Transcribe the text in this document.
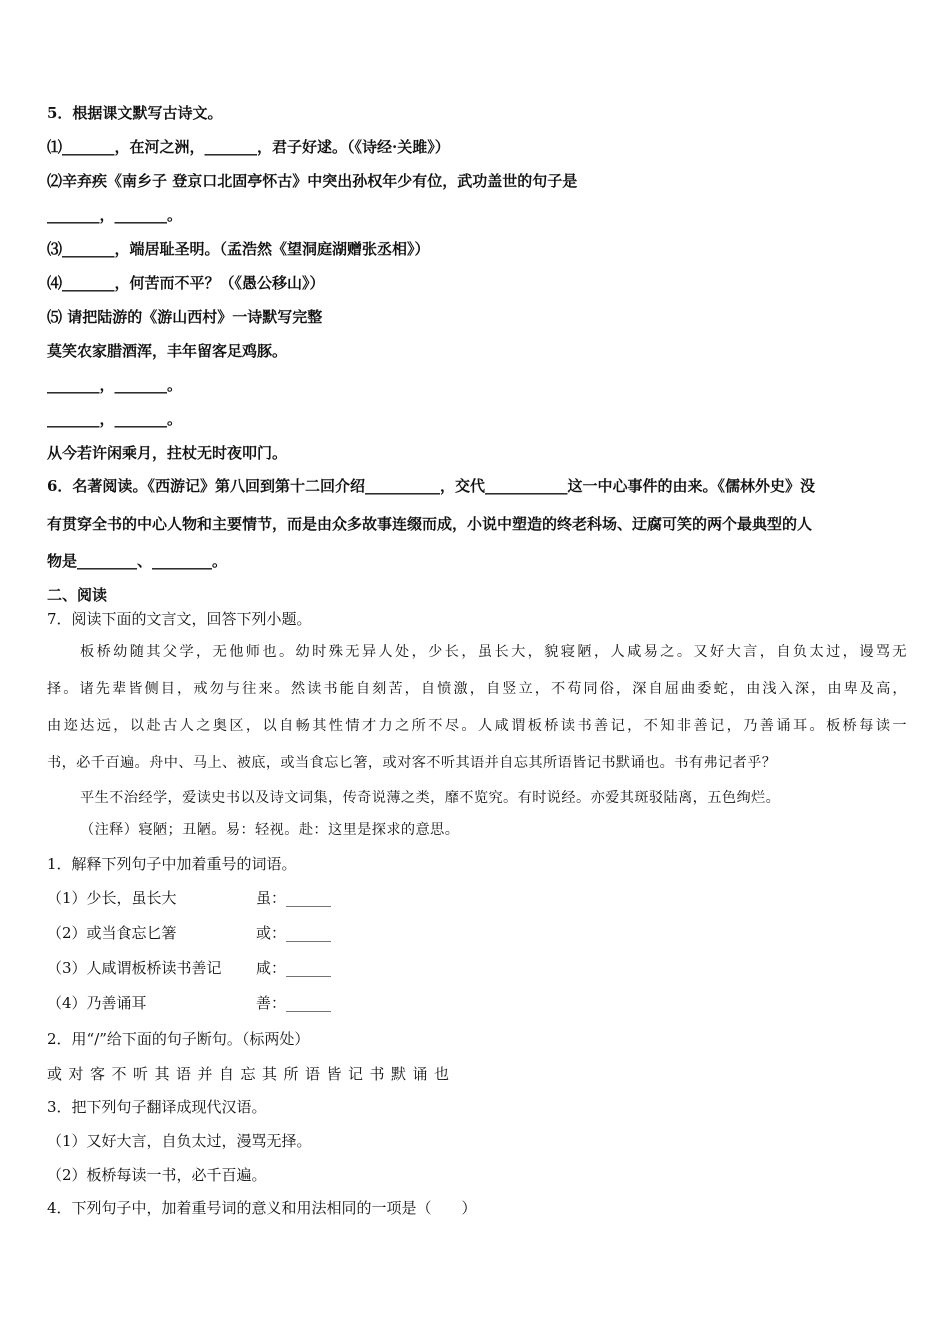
5．根据课文默写古诗文。
⑴_______，在河之洲，_______，君子好逑。（《诗经·关雎》）
⑵辛弃疾《南乡子 登京口北固亭怀古》中突出孙权年少有位，武功盖世的句子是
_______，_______。
⑶_______，端居耻圣明。（孟浩然《望洞庭湖赠张丞相》）
⑷_______，何苦而不平？（《愚公移山》）
⑸ 请把陆游的《游山西村》一诗默写完整
莫笑农家腊酒浑，丰年留客足鸡豚。
_______，_______。
_______，_______。
从今若许闲乘月，拄杖无时夜叩门。
6．名著阅读。《西游记》第八回到第十二回介绍__________，交代___________这一中心事件的由来。《儒林外史》没
有贯穿全书的中心人物和主要情节，而是由众多故事连缀而成，小说中塑造的终老科场、迂腐可笑的两个最典型的人
物是________、________。
二、阅读
7．阅读下面的文言文，回答下列小题。
板桥幼随其父学，无他师也。幼时殊无异人处，少长，虽长大，貌寝陋，人咸易之。又好大言，自负太过，谩骂无
择。诸先辈皆侧目，戒勿与往来。然读书能自刻苦，自愤激，自竖立，不苟同俗，深自屈曲委蛇，由浅入深，由卑及高，
由迩达远，以赴古人之奥区，以自畅其性情才力之所不尽。人咸谓板桥读书善记，不知非善记，乃善诵耳。板桥每读一
书，必千百遍。舟中、马上、被底，或当食忘匕箸，或对客不听其语并自忘其所语皆记书默诵也。书有弗记者乎？
平生不治经学，爱读史书以及诗文词集，传奇说薄之类，靡不览究。有时说经。亦爱其斑驳陆离，五色绚烂。
（注释）寝陋；丑陋。易：轻视。赴：这里是探求的意思。
1．解释下列句子中加着重号的词语。
（1）少长，虽长大	虽：______
（2）或当食忘匕箸	或：______
（3）人咸谓板桥读书善记 咸：______
（4）乃善诵耳	善：______
2．用“/”给下面的句子断句。（标两处）
或对客不听其语并自忘其所语皆记书默诵也
3．把下列句子翻译成现代汉语。
（1）又好大言，自负太过，漫骂无择。
（2）板桥每读一书，必千百遍。
4．下列句子中，加着重号词的意义和用法相同的一项是（　　）
